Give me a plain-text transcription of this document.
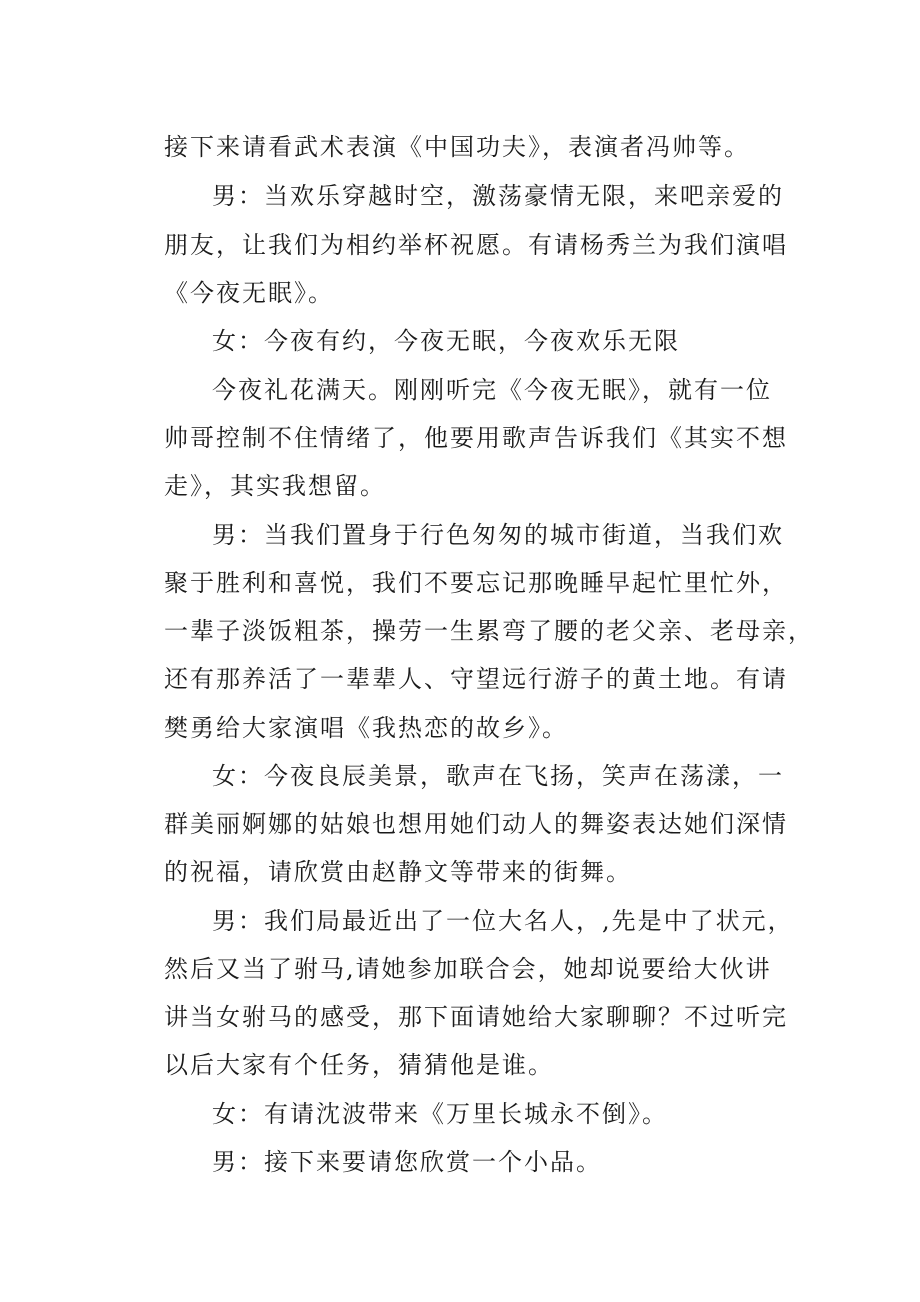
接下来请看武术表演《中国功夫》，表演者冯帅等。
男：当欢乐穿越时空，激荡豪情无限，来吧亲爱的
朋友，让我们为相约举杯祝愿。有请杨秀兰为我们演唱
《今夜无眠》。
女：今夜有约，今夜无眠，今夜欢乐无限
今夜礼花满天。刚刚听完《今夜无眠》，就有一位
帅哥控制不住情绪了，他要用歌声告诉我们《其实不想
走》，其实我想留。
男：当我们置身于行色匆匆的城市街道，当我们欢
聚于胜利和喜悦，我们不要忘记那晚睡早起忙里忙外，
一辈子淡饭粗茶，操劳一生累弯了腰的老父亲、老母亲，
还有那养活了一辈辈人、守望远行游子的黄土地。有请
樊勇给大家演唱《我热恋的故乡》。
女：今夜良辰美景，歌声在飞扬，笑声在荡漾，一
群美丽婀娜的姑娘也想用她们动人的舞姿表达她们深情
的祝福，请欣赏由赵静文等带来的街舞。
男：我们局最近出了一位大名人，,先是中了状元，
然后又当了驸马,请她参加联合会，她却说要给大伙讲
讲当女驸马的感受，那下面请她给大家聊聊？不过听完
以后大家有个任务，猜猜他是谁。
女：有请沈波带来《万里长城永不倒》。
男：接下来要请您欣赏一个小品。
